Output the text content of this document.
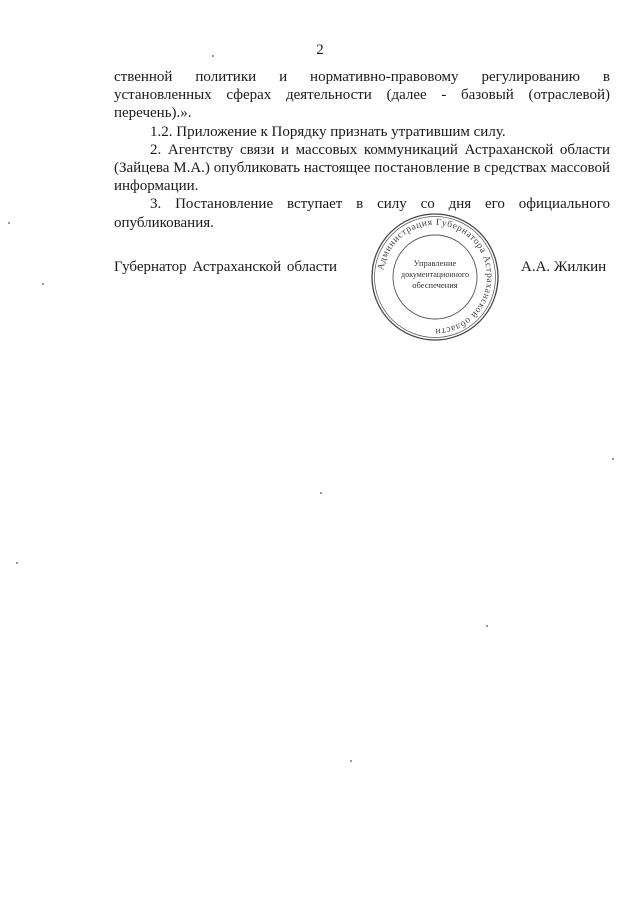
2

ственной политики и нормативно-правовому регулированию в установленных сферах деятельности (далее - базовый (отраслевой) перечень).».

1.2. Приложение к Порядку признать утратившим силу.

2. Агентству связи и массовых коммуникаций Астраханской области (Зайцева М.А.) опубликовать настоящее постановление в средствах массовой информации.

3. Постановление вступает в силу со дня его официального опубликования.

Губернатор Астраханской области	А.А. Жилкин
Администрация Губернатора Астраханской области
Управление
документационного
обеспечения
